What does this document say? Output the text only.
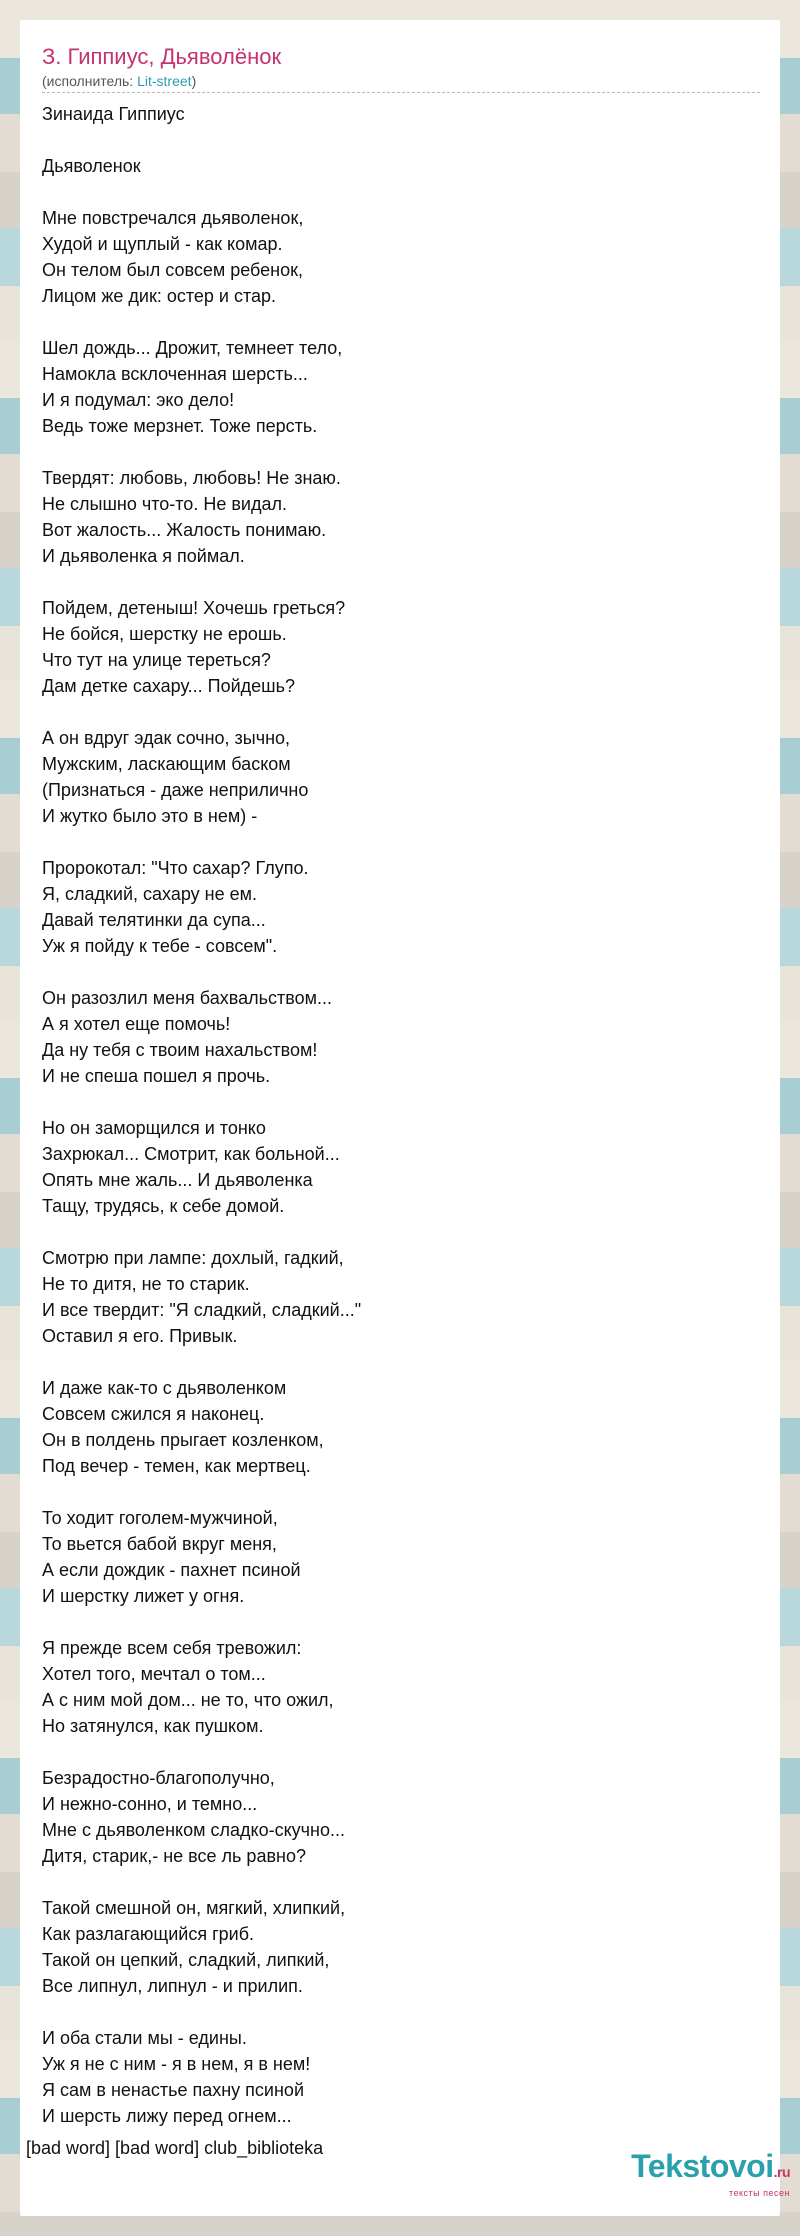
З. Гиппиус, Дьяволёнок
(исполнитель: Lit-street)
Зинаида Гиппиус

Дьяволенок

Мне повстречался дьяволенок,
Худой и щуплый - как комар.
Он телом был совсем ребенок,
Лицом же дик: остер и стар.

Шел дождь... Дрожит, темнеет тело,
Намокла всклоченная шерсть...
И я подумал: эко дело!
Ведь тоже мерзнет. Тоже персть.

Твердят: любовь, любовь! Не знаю.
Не слышно что-то. Не видал.
Вот жалость... Жалость понимаю.
И дьяволенка я поймал.

Пойдем, детеныш! Хочешь греться?
Не бойся, шерстку не ерошь.
Что тут на улице тереться?
Дам детке сахару... Пойдешь?

А он вдруг эдак сочно, зычно,
Мужским, ласкающим баском
(Признаться - даже неприлично
И жутко было это в нем) -

Пророкотал: "Что сахар? Глупо.
Я, сладкий, сахару не ем.
Давай телятинки да супа...
Уж я пойду к тебе - совсем".

Он разозлил меня бахвальством...
А я хотел еще помочь!
Да ну тебя с твоим нахальством!
И не спеша пошел я прочь.

Но он заморщился и тонко
Захрюкал... Смотрит, как больной...
Опять мне жаль... И дьяволенка
Тащу, трудясь, к себе домой.

Смотрю при лампе: дохлый, гадкий,
Не то дитя, не то старик.
И все твердит: "Я сладкий, сладкий..."
Оставил я его. Привык.

И даже как-то с дьяволенком
Совсем сжился я наконец.
Он в полдень прыгает козленком,
Под вечер - темен, как мертвец.

То ходит гоголем-мужчиной,
То вьется бабой вкруг меня,
А если дождик - пахнет псиной
И шерстку лижет у огня.

Я прежде всем себя тревожил:
Хотел того, мечтал о том...
А с ним мой дом... не то, что ожил,
Но затянулся, как пушком.

Безрадостно-благополучно,
И нежно-сонно, и темно...
Мне с дьяволенком сладко-скучно...
Дитя, старик,- не все ль равно?

Такой смешной он, мягкий, хлипкий,
Как разлагающийся гриб.
Такой он цепкий, сладкий, липкий,
Все липнул, липнул - и прилип.

И оба стали мы - едины.
Уж я не с ним - я в нем, я в нем!
Я сам в ненастье пахну псиной
И шерсть лижу перед огнем...
[bad word] [bad word] club_biblioteka	Tekstovoi.ru
тексты песен
